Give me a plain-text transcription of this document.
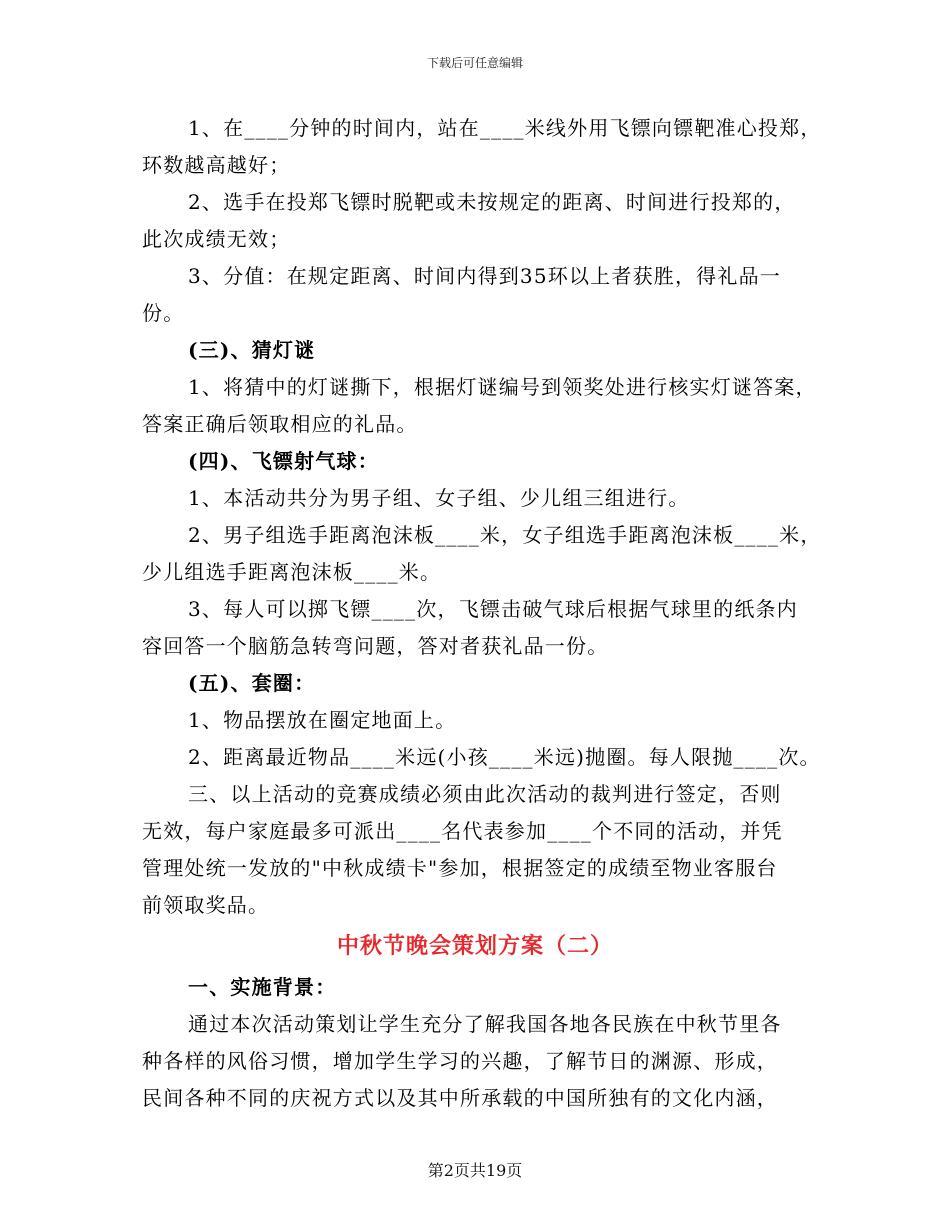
下载后可任意编辑
1、在____分钟的时间内，站在____米线外用飞镖向镖靶准心投郑，
环数越高越好；
2、选手在投郑飞镖时脱靶或未按规定的距离、时间进行投郑的，
此次成绩无效；
3、分值：在规定距离、时间内得到35环以上者获胜，得礼品一
份。
(三)、猜灯谜
1、将猜中的灯谜撕下，根据灯谜编号到领奖处进行核实灯谜答案，
答案正确后领取相应的礼品。
(四)、飞镖射气球：
1、本活动共分为男子组、女子组、少儿组三组进行。
2、男子组选手距离泡沫板____米，女子组选手距离泡沫板____米，
少儿组选手距离泡沫板____米。
3、每人可以掷飞镖____次，飞镖击破气球后根据气球里的纸条内
容回答一个脑筋急转弯问题，答对者获礼品一份。
(五)、套圈：
1、物品摆放在圈定地面上。
2、距离最近物品____米远(小孩____米远)抛圈。每人限抛____次。
三、以上活动的竞赛成绩必须由此次活动的裁判进行签定，否则
无效，每户家庭最多可派出____名代表参加____个不同的活动，并凭
管理处统一发放的"中秋成绩卡"参加，根据签定的成绩至物业客服台
前领取奖品。
中秋节晚会策划方案（二）
一、实施背景：
通过本次活动策划让学生充分了解我国各地各民族在中秋节里各
种各样的风俗习惯，增加学生学习的兴趣，了解节日的渊源、形成，
民间各种不同的庆祝方式以及其中所承载的中国所独有的文化内涵，
第2页共19页
